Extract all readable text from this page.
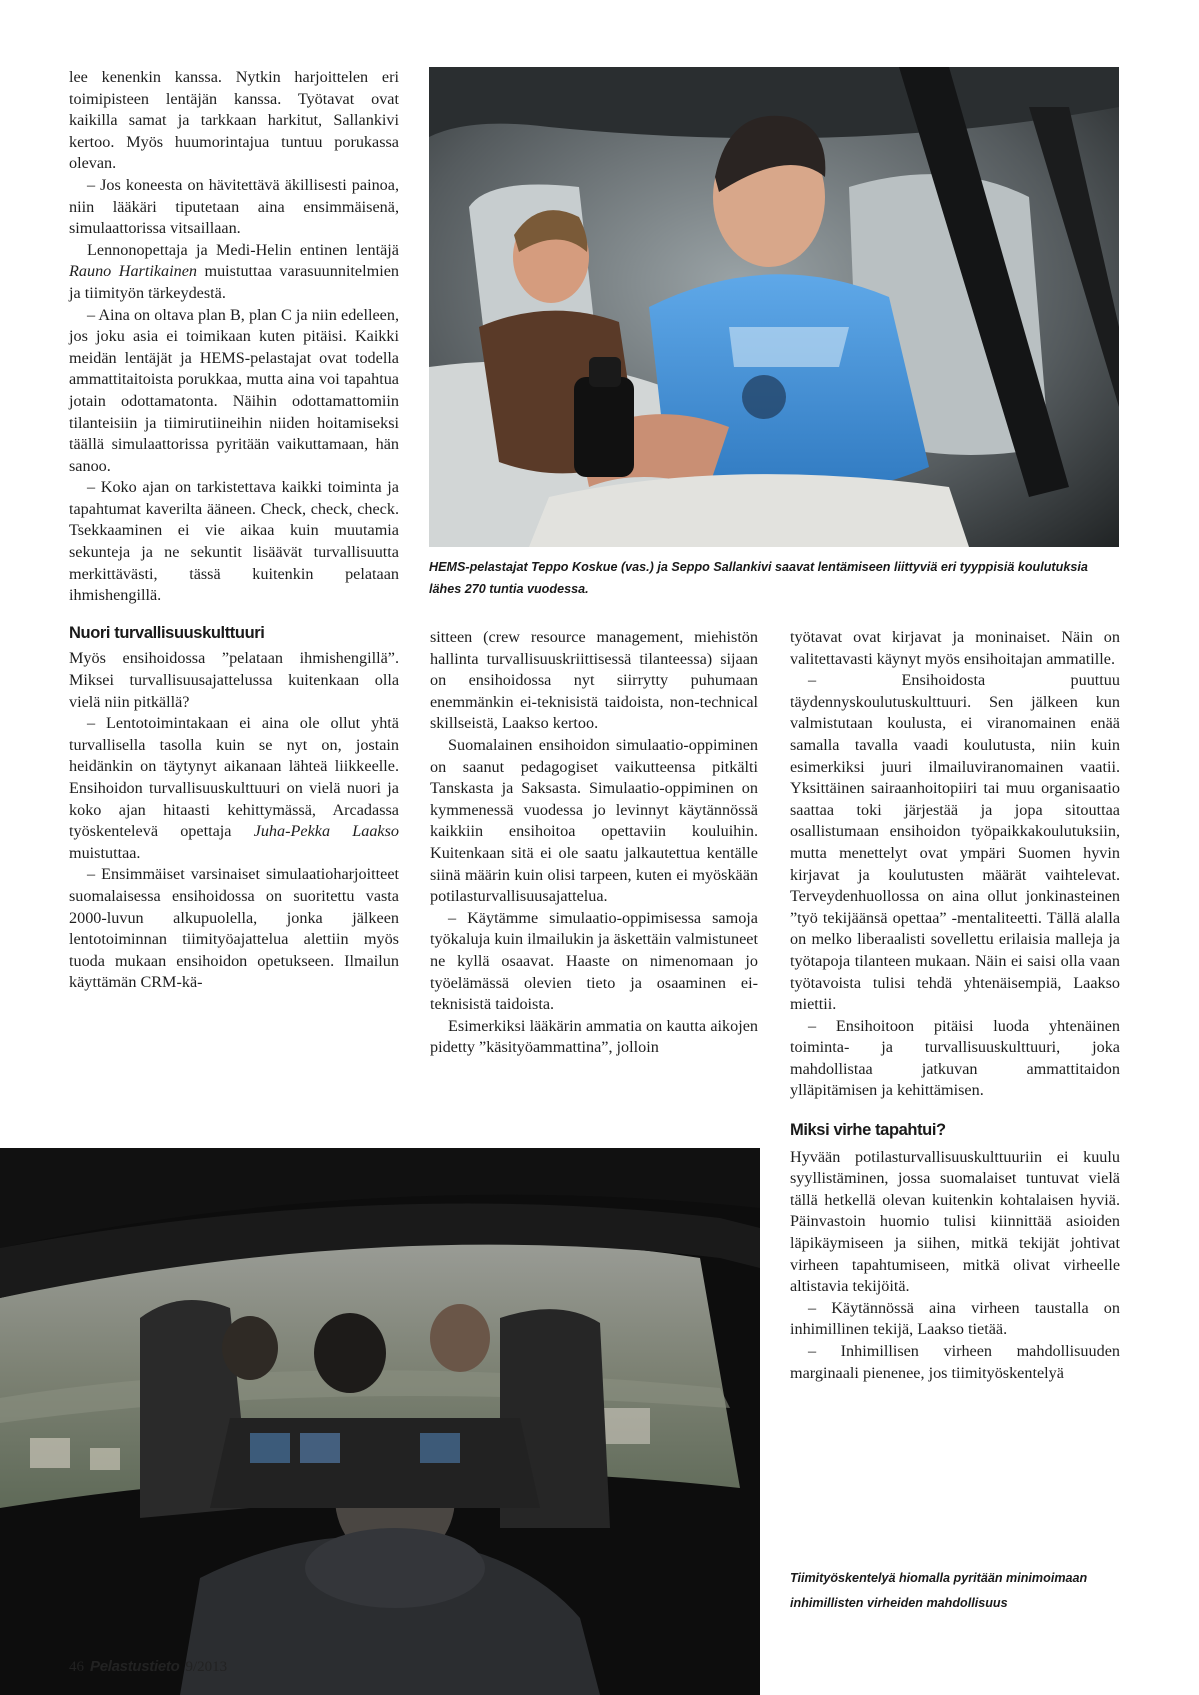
lee kenenkin kanssa. Nytkin harjoittelen eri toimipisteen lentäjän kanssa. Työtavat ovat kaikilla samat ja tarkkaan harkitut, Sallankivi kertoo. Myös huumorintajua tuntuu porukassa olevan.

– Jos koneesta on hävitettävä äkillisesti painoa, niin lääkäri tiputetaan aina ensimmäisenä, simulaattorissa vitsaillaan.

Lennonopettaja ja Medi-Helin entinen lentäjä Rauno Hartikainen muistuttaa varasuunnitelmien ja tiimityön tärkeydestä.

– Aina on oltava plan B, plan C ja niin edelleen, jos joku asia ei toimikaan kuten pitäisi. Kaikki meidän lentäjät ja HEMS-pelastajat ovat todella ammattitaitoista porukkaa, mutta aina voi tapahtua jotain odottamatonta. Näihin odottamattomiin tilanteisiin ja tiimirutiineihin niiden hoitamiseksi täällä simulaattorissa pyritään vaikuttamaan, hän sanoo.

– Koko ajan on tarkistettava kaikki toiminta ja tapahtumat kaverilta ääneen. Check, check, check. Tsekkaaminen ei vie aikaa kuin muutamia sekunteja ja ne sekuntit lisäävät turvallisuutta merkittävästi, tässä kuitenkin pelataan ihmishengillä.

Nuori turvallisuuskulttuuri

Myös ensihoidossa ”pelataan ihmishengillä”. Miksei turvallisuusajattelussa kuitenkaan olla vielä niin pitkällä?

– Lentotoimintakaan ei aina ole ollut yhtä turvallisella tasolla kuin se nyt on, jostain heidänkin on täytynyt aikanaan lähteä liikkeelle. Ensihoidon turvallisuuskulttuuri on vielä nuori ja koko ajan hitaasti kehittymässä, Arcadassa työskentelevä opettaja Juha-Pekka Laakso muistuttaa.

– Ensimmäiset varsinaiset simulaatioharjoitteet suomalaisessa ensihoidossa on suoritettu vasta 2000-luvun alkupuolella, jonka jälkeen lentotoiminnan tiimityöajattelua alettiin myös tuoda mukaan ensihoidon opetukseen. Ilmailun käyttämän CRM-kä-

HEMS-pelastajat Teppo Koskue (vas.) ja Seppo Sallankivi saavat lentämiseen liittyviä eri tyyppisiä koulutuksia lähes 270 tuntia vuodessa.

sitteen (crew resource management, miehistön hallinta turvallisuuskriittisessä tilanteessa) sijaan on ensihoidossa nyt siirrytty puhumaan enemmänkin ei-teknisistä taidoista, non-technical skillseistä, Laakso kertoo.

Suomalainen ensihoidon simulaatio-oppiminen on saanut pedagogiset vaikutteensa pitkälti Tanskasta ja Saksasta. Simulaatio-oppiminen on kymmenessä vuodessa jo levinnyt käytännössä kaikkiin ensihoitoa opettaviin kouluihin. Kuitenkaan sitä ei ole saatu jalkautettua kentälle siinä määrin kuin olisi tarpeen, kuten ei myöskään potilasturvallisuusajattelua.

– Käytämme simulaatio-oppimisessa samoja työkaluja kuin ilmailukin ja äskettäin valmistuneet ne kyllä osaavat. Haaste on nimenomaan jo työelämässä olevien tieto ja osaaminen ei-teknisistä taidoista.

Esimerkiksi lääkärin ammatia on kautta aikojen pidetty ”käsityöammattina”, jolloin

työtavat ovat kirjavat ja moninaiset. Näin on valitettavasti käynyt myös ensihoitajan ammatille.

– Ensihoidosta puuttuu täydennyskoulutuskulttuuri. Sen jälkeen kun valmistutaan koulusta, ei viranomainen enää samalla tavalla vaadi koulutusta, niin kuin esimerkiksi juuri ilmailuviranomainen vaatii. Yksittäinen sairaanhoitopiiri tai muu organisaatio saattaa toki järjestää ja jopa sitouttaa osallistumaan ensihoidon työpaikkakoulutuksiin, mutta menettelyt ovat ympäri Suomen hyvin kirjavat ja koulutusten määrät vaihtelevat. Terveydenhuollossa on aina ollut jonkinasteinen ”työ tekijäänsä opettaa” -mentaliteetti. Tällä alalla on melko liberaalisti sovellettu erilaisia malleja ja työtapoja tilanteen mukaan. Näin ei saisi olla vaan työtavoista tulisi tehdä yhtenäisempiä, Laakso miettii.

– Ensihoitoon pitäisi luoda yhtenäinen toiminta- ja turvallisuuskulttuuri, joka mahdollistaa jatkuvan ammattitaidon ylläpitämisen ja kehittämisen.

Miksi virhe tapahtui?

Hyvään potilasturvallisuuskulttuuriin ei kuulu syyllistäminen, jossa suomalaiset tuntuvat vielä tällä hetkellä olevan kuitenkin kohtalaisen hyviä. Päinvastoin huomio tulisi kiinnittää asioiden läpikäymiseen ja siihen, mitkä tekijät johtivat virheen tapahtumiseen, mitkä olivat virheelle altistavia tekijöitä.

– Käytännössä aina virheen taustalla on inhimillinen tekijä, Laakso tietää.

– Inhimillisen virheen mahdollisuuden marginaali pienenee, jos tiimityöskentelyä

Tiimityöskentelyä hiomalla pyritään minimoimaan inhimillisten virheiden mahdollisuus
46 Pelastustieto 9/2013
